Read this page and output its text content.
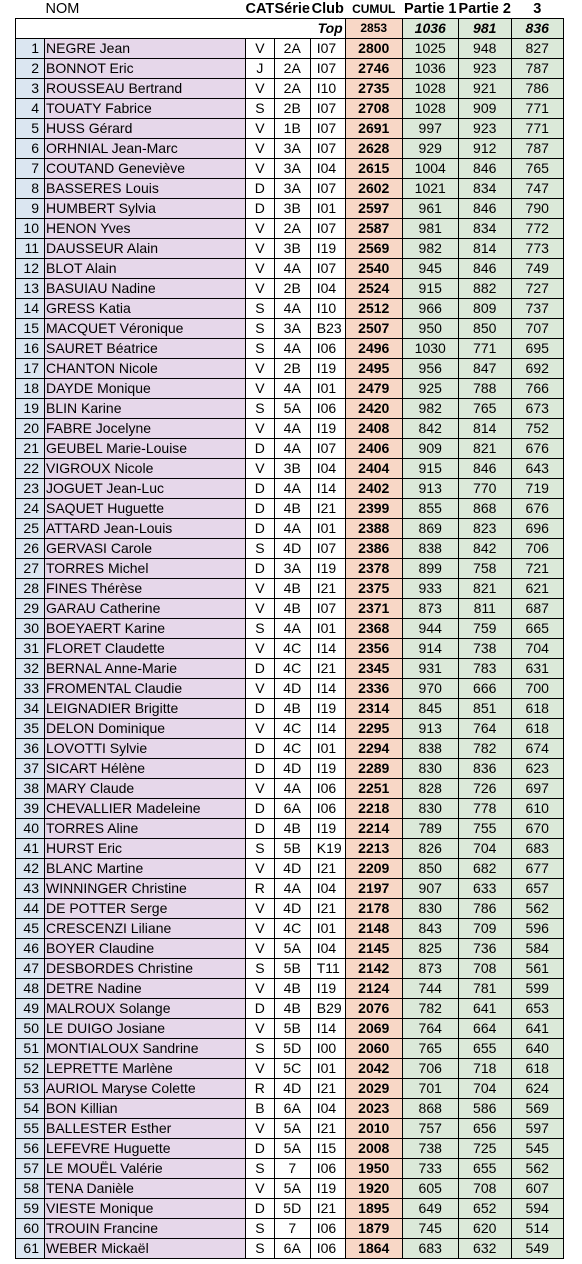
	NOM	CAT	Série	Club	CUMUL	Partie 1	Partie 2	3
Top					2853	1036	981	836
1	NEGRE Jean	V	2A	I07	2800	1025	948	827
2	BONNOT Eric	J	2A	I07	2746	1036	923	787
3	ROUSSEAU Bertrand	V	2A	I10	2735	1028	921	786
4	TOUATY Fabrice	S	2B	I07	2708	1028	909	771
5	HUSS Gérard	V	1B	I07	2691	997	923	771
6	ORHNIAL Jean-Marc	V	3A	I07	2628	929	912	787
7	COUTAND Geneviève	V	3A	I04	2615	1004	846	765
8	BASSERES Louis	D	3A	I07	2602	1021	834	747
9	HUMBERT Sylvia	D	3B	I01	2597	961	846	790
10	HENON Yves	V	2A	I07	2587	981	834	772
11	DAUSSEUR Alain	V	3B	I19	2569	982	814	773
12	BLOT Alain	V	4A	I07	2540	945	846	749
13	BASUIAU Nadine	V	2B	I04	2524	915	882	727
14	GRESS Katia	S	4A	I10	2512	966	809	737
15	MACQUET Véronique	S	3A	B23	2507	950	850	707
16	SAURET Béatrice	S	4A	I06	2496	1030	771	695
17	CHANTON Nicole	V	2B	I19	2495	956	847	692
18	DAYDE Monique	V	4A	I01	2479	925	788	766
19	BLIN Karine	S	5A	I06	2420	982	765	673
20	FABRE Jocelyne	V	4A	I19	2408	842	814	752
21	GEUBEL Marie-Louise	D	4A	I07	2406	909	821	676
22	VIGROUX Nicole	V	3B	I04	2404	915	846	643
23	JOGUET Jean-Luc	D	4A	I14	2402	913	770	719
24	SAQUET Huguette	D	4B	I21	2399	855	868	676
25	ATTARD Jean-Louis	D	4A	I01	2388	869	823	696
26	GERVASI Carole	S	4D	I07	2386	838	842	706
27	TORRES Michel	D	3A	I19	2378	899	758	721
28	FINES Thérèse	V	4B	I21	2375	933	821	621
29	GARAU Catherine	V	4B	I07	2371	873	811	687
30	BOEYAERT Karine	S	4A	I01	2368	944	759	665
31	FLORET Claudette	V	4C	I14	2356	914	738	704
32	BERNAL Anne-Marie	D	4C	I21	2345	931	783	631
33	FROMENTAL Claudie	V	4D	I14	2336	970	666	700
34	LEIGNADIER Brigitte	D	4B	I19	2314	845	851	618
35	DELON Dominique	V	4C	I14	2295	913	764	618
36	LOVOTTI Sylvie	D	4C	I01	2294	838	782	674
37	SICART Hélène	D	4D	I19	2289	830	836	623
38	MARY Claude	V	4A	I06	2251	828	726	697
39	CHEVALLIER Madeleine	D	6A	I06	2218	830	778	610
40	TORRES Aline	D	4B	I19	2214	789	755	670
41	HURST Eric	S	5B	K19	2213	826	704	683
42	BLANC Martine	V	4D	I21	2209	850	682	677
43	WINNINGER Christine	R	4A	I04	2197	907	633	657
44	DE POTTER Serge	V	4D	I21	2178	830	786	562
45	CRESCENZI Liliane	V	4C	I01	2148	843	709	596
46	BOYER Claudine	V	5A	I04	2145	825	736	584
47	DESBORDES Christine	S	5B	T11	2142	873	708	561
48	DETRE Nadine	V	4B	I19	2124	744	781	599
49	MALROUX Solange	D	4B	B29	2076	782	641	653
50	LE DUIGO Josiane	V	5B	I14	2069	764	664	641
51	MONTIALOUX Sandrine	S	5D	I00	2060	765	655	640
52	LEPRETTE Marlène	V	5C	I01	2042	706	718	618
53	AURIOL Maryse Colette	R	4D	I21	2029	701	704	624
54	BON Killian	B	6A	I04	2023	868	586	569
55	BALLESTER Esther	V	5A	I21	2010	757	656	597
56	LEFEVRE Huguette	D	5A	I15	2008	738	725	545
57	LE MOUËL Valérie	S	7	I06	1950	733	655	562
58	TENA Danièle	V	5A	I19	1920	605	708	607
59	VIESTE Monique	D	5D	I21	1895	649	652	594
60	TROUIN Francine	S	7	I06	1879	745	620	514
61	WEBER Mickaël	S	6A	I06	1864	683	632	549
